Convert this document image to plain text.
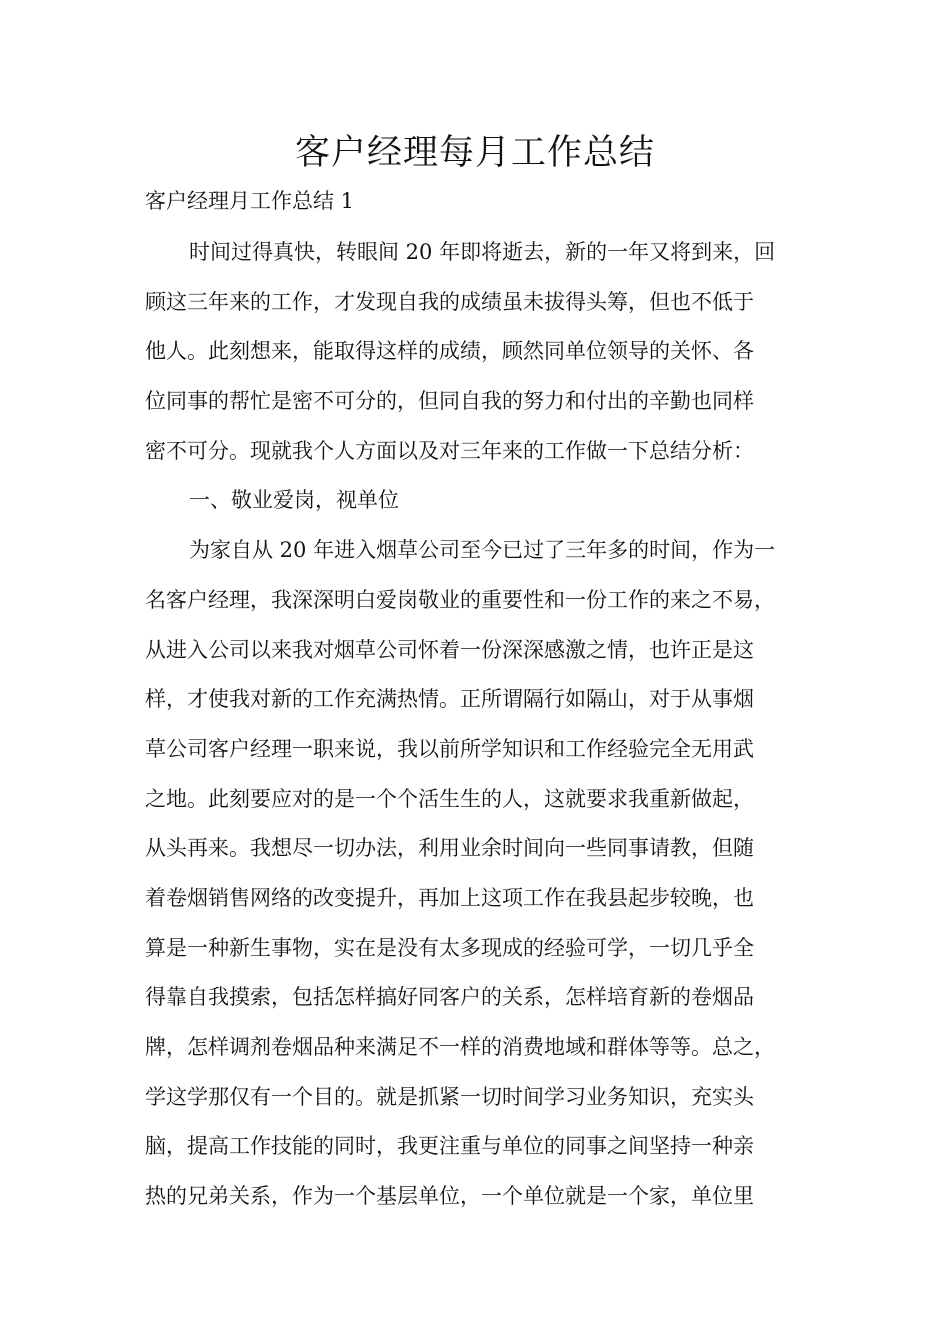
客户经理每月工作总结

客户经理月工作总结 1

时间过得真快，转眼间 20 年即将逝去，新的一年又将到来，回
顾这三年来的工作，才发现自我的成绩虽未拔得头筹，但也不低于
他人。此刻想来，能取得这样的成绩，顾然同单位领导的关怀、各
位同事的帮忙是密不可分的，但同自我的努力和付出的辛勤也同样
密不可分。现就我个人方面以及对三年来的工作做一下总结分析：
一、敬业爱岗，视单位
为家自从 20 年进入烟草公司至今已过了三年多的时间，作为一
名客户经理，我深深明白爱岗敬业的重要性和一份工作的来之不易，
从进入公司以来我对烟草公司怀着一份深深感激之情，也许正是这
样，才使我对新的工作充满热情。正所谓隔行如隔山，对于从事烟
草公司客户经理一职来说，我以前所学知识和工作经验完全无用武
之地。此刻要应对的是一个个活生生的人，这就要求我重新做起，
从头再来。我想尽一切办法，利用业余时间向一些同事请教，但随
着卷烟销售网络的改变提升，再加上这项工作在我县起步较晚，也
算是一种新生事物，实在是没有太多现成的经验可学，一切几乎全
得靠自我摸索，包括怎样搞好同客户的关系，怎样培育新的卷烟品
牌，怎样调剂卷烟品种来满足不一样的消费地域和群体等等。总之，
学这学那仅有一个目的。就是抓紧一切时间学习业务知识，充实头
脑，提高工作技能的同时，我更注重与单位的同事之间坚持一种亲
热的兄弟关系，作为一个基层单位，一个单位就是一个家，单位里
